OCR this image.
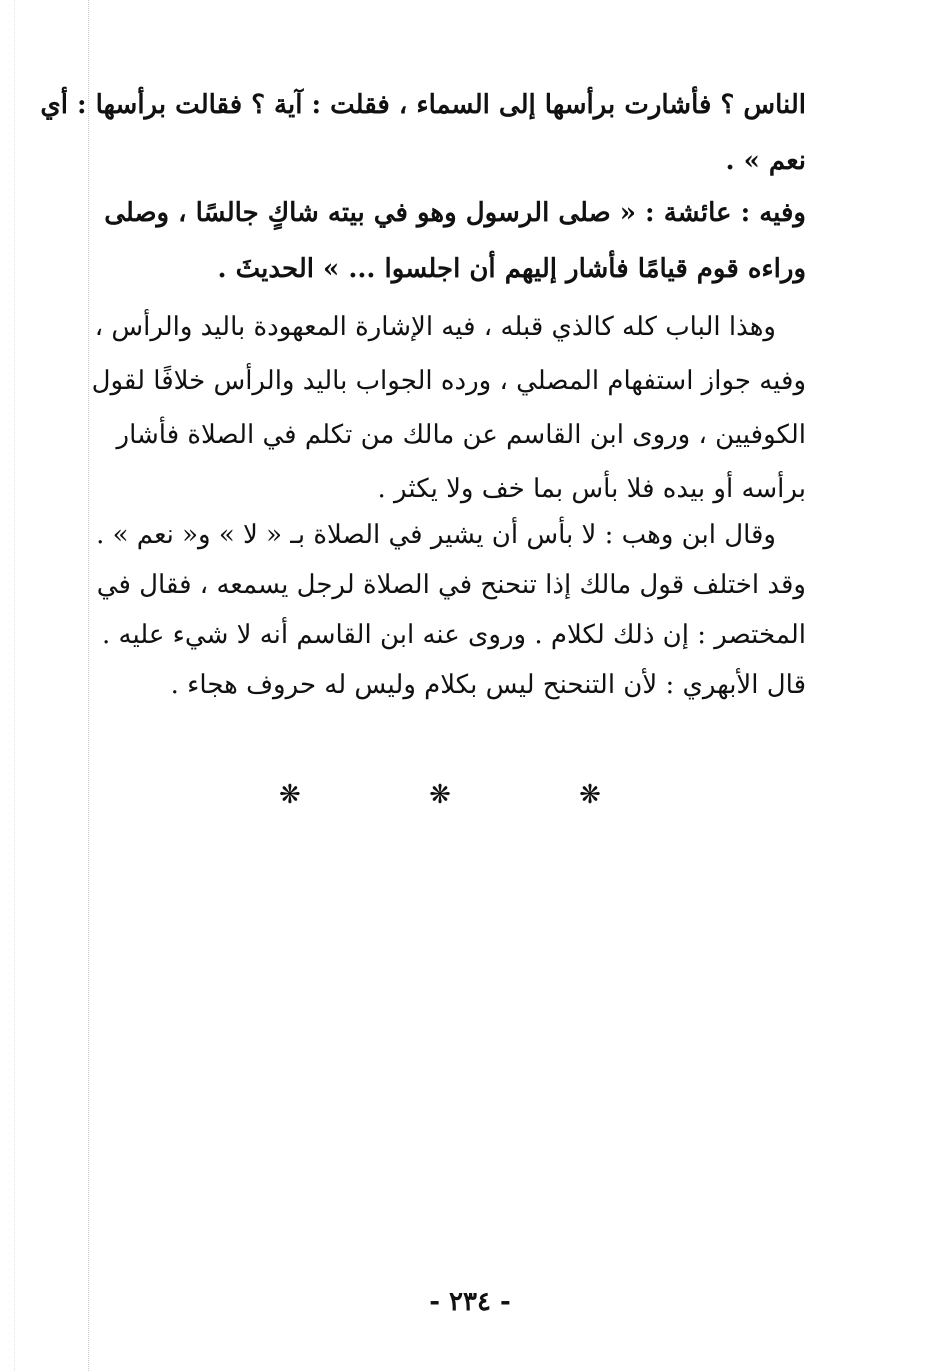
الناس ؟ فأشارت برأسها إلى السماء ، فقلت : آية ؟ فقالت برأسها : أي
نعم » .
وفيه : عائشة : « صلى الرسول وهو في بيته شاكٍ جالسًا ، وصلى
وراءه قوم قيامًا فأشار إليهم أن اجلسوا ... » الحديثَ .
وهذا الباب كله كالذي قبله ، فيه الإشارة المعهودة باليد والرأس ،
وفيه جواز استفهام المصلي ، ورده الجواب باليد والرأس خلافًا لقول
الكوفيين ، وروى ابن القاسم عن مالك من تكلم في الصلاة فأشار
برأسه أو بيده فلا بأس بما خف ولا يكثر .
وقال ابن وهب : لا بأس أن يشير في الصلاة بـ « لا » و« نعم » .
وقد اختلف قول مالك إذا تنحنح في الصلاة لرجل يسمعه ، فقال في
المختصر : إن ذلك لكلام . وروى عنه ابن القاسم أنه لا شيء عليه .
قال الأبهري : لأن التنحنح ليس بكلام وليس له حروف هجاء .
❋ ❋ ❋
- ٢٣٤ -
